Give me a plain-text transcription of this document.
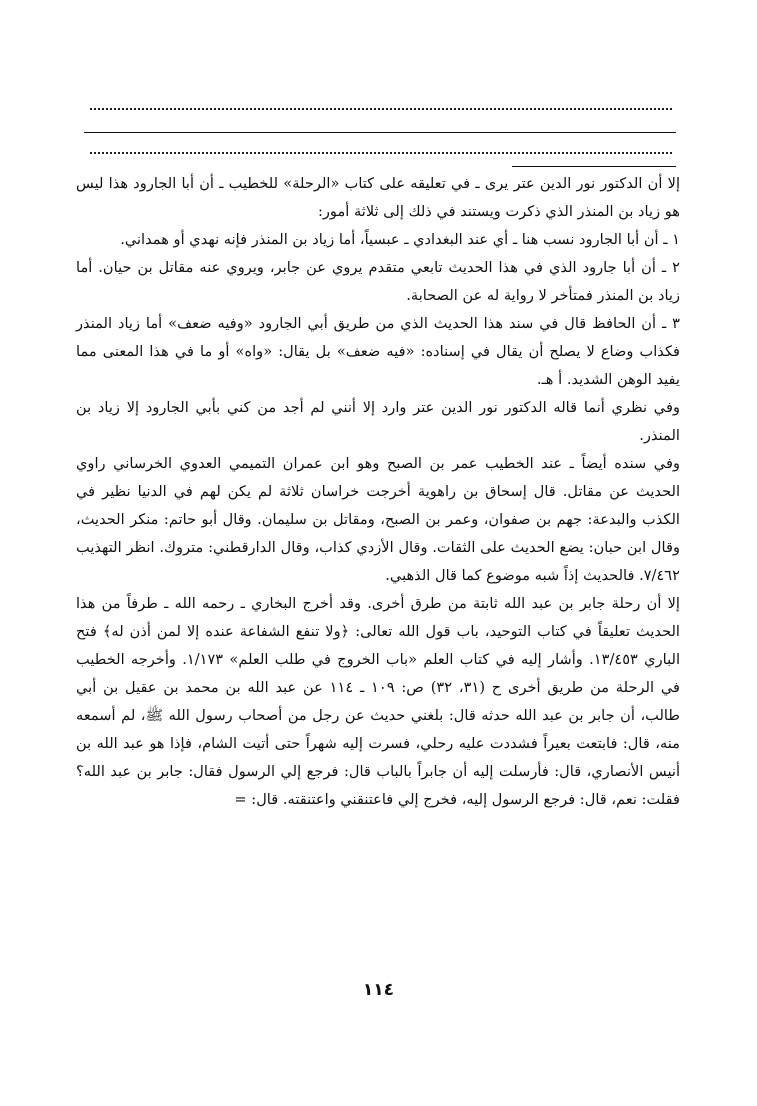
إلا أن الدكتور نور الدين عتر يرى ـ في تعليقه على كتاب «الرحلة» للخطيب ـ أن أبا الجارود هذا ليس هو زياد بن المنذر الذي ذكرت ويستند في ذلك إلى ثلاثة أمور:

١ ـ أن أبا الجارود نسب هنا ـ أي عند البغدادي ـ عبسياً، أما زياد بن المنذر فإنه نهدي أو همداني.

٢ ـ أن أبا جارود الذي في هذا الحديث تابعي متقدم يروي عن جابر، ويروي عنه مقاتل بن حيان. أما زياد بن المنذر فمتأخر لا رواية له عن الصحابة.

٣ ـ أن الحافظ قال في سند هذا الحديث الذي من طريق أبي الجارود «وفيه ضعف» أما زياد المنذر فكذاب وضاع لا يصلح أن يقال في إسناده: «فيه ضعف» بل يقال: «واه» أو ما في هذا المعنى مما يفيد الوهن الشديد. أ هـ.

وفي نظري أنما قاله الدكتور نور الدين عتر وارد إلا أنني لم أجد من كني بأبي الجارود إلا زياد بن المنذر.

وفي سنده أيضاً ـ عند الخطيب عمر بن الصبح وهو ابن عمران التميمي العدوي الخرساني راوي الحديث عن مقاتل. قال إسحاق بن راهوية أخرجت خراسان ثلاثة لم يكن لهم في الدنيا نظير في الكذب والبدعة: جهم بن صفوان، وعمر بن الصبح، ومقاتل بن سليمان. وقال أبو حاتم: منكر الحديث، وقال ابن حبان: يضع الحديث على الثقات. وقال الأزدي كذاب، وقال الدارقطني: متروك. انظر التهذيب ٧/٤٦٢. فالحديث إذاً شبه موضوع كما قال الذهبي.

إلا أن رحلة جابر بن عبد الله ثابتة من طرق أخرى. وقد أخرج البخاري ـ رحمه الله ـ طرفاً من هذا الحديث تعليقاً في كتاب التوحيد، باب قول الله تعالى: ﴿ولا تنفع الشفاعة عنده إلا لمن أذن له﴾ فتح الباري ١٣/٤٥٣. وأشار إليه في كتاب العلم «باب الخروج في طلب العلم» ١/١٧٣. وأخرجه الخطيب في الرحلة من طريق أخرى ح (٣١، ٣٢) ص: ١٠٩ ـ ١١٤ عن عبد الله بن محمد بن عقيل بن أبي طالب، أن جابر بن عبد الله حدثه قال: بلغني حديث عن رجل من أصحاب رسول الله ﷺ، لم أسمعه منه، قال: فابتعت بعيراً فشددت عليه رحلي، فسرت إليه شهراً حتى أتيت الشام، فإذا هو عبد الله بن أنيس الأنصاري، قال: فأرسلت إليه أن جابراً بالباب قال: فرجع إلي الرسول فقال: جابر بن عبد الله؟ فقلت: نعم، قال: فرجع الرسول إليه، فخرج إلي فاعتنقني واعتنقته. قال: =

١١٤
